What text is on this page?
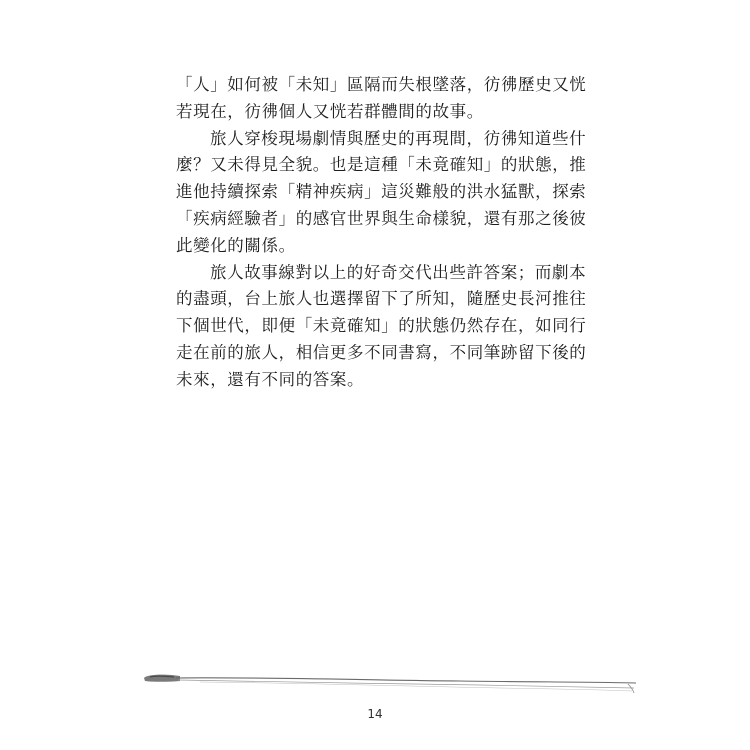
「人」如何被「未知」區隔而失根墜落，彷彿歷史又恍
若現在，彷彿個人又恍若群體間的故事。

旅人穿梭現場劇情與歷史的再現間，彷彿知道些什
麼？又未得見全貌。也是這種「未竟確知」的狀態，推
進他持續探索「精神疾病」這災難般的洪水猛獸，探索
「疾病經驗者」的感官世界與生命樣貌，還有那之後彼
此變化的關係。

旅人故事線對以上的好奇交代出些許答案；而劇本
的盡頭，台上旅人也選擇留下了所知，隨歷史長河推往
下個世代，即便「未竟確知」的狀態仍然存在，如同行
走在前的旅人，相信更多不同書寫，不同筆跡留下後的
未來，還有不同的答案。

14
